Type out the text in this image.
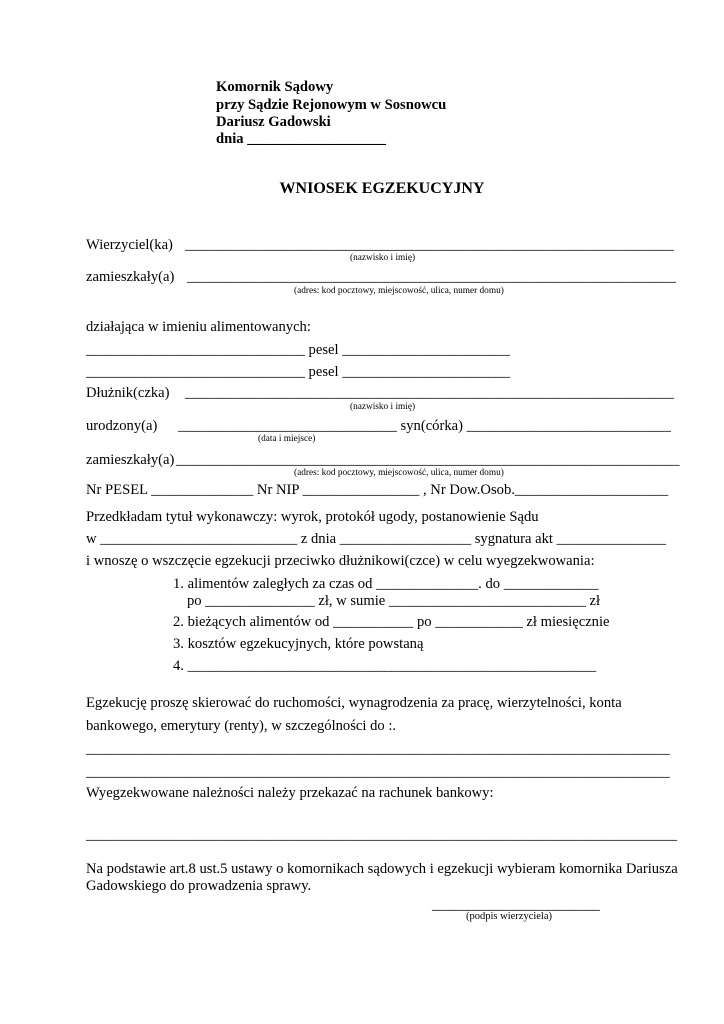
Komornik Sądowy
przy Sądzie Rejonowym w Sosnowcu
Dariusz Gadowski
dnia ___________________
WNIOSEK EGZEKUCYJNY
Wierzyciel(ka) ___________________________________________________________________
(nazwisko i imię)
zamieszkały(a) ___________________________________________________________________
(adres: kod pocztowy, miejscowość, ulica, numer domu)
działająca w imieniu alimentowanych:
______________________________ pesel _______________________
______________________________ pesel _______________________
Dłużnik(czka) ___________________________________________________________________
(nazwisko i imię)
urodzony(a) ______________________________ syn(córka) ____________________________
(data i miejsce)
zamieszkały(a) _____________________________________________________________________
(adres: kod pocztowy, miejscowość, ulica, numer domu)
Nr PESEL ______________ Nr NIP ________________ , Nr Dow.Osob._____________________
Przedkładam tytuł wykonawczy: wyrok, protokół ugody, postanowienie Sądu
w ___________________________ z dnia __________________ sygnatura akt _______________
i wnoszę o wszczęcie egzekucji przeciwko dłużnikowi(czce) w celu wyegzekwowania:
1. alimentów zaległych za czas od ______________. do _____________
po _______________ zł, w sumie ___________________________ zł
2. bieżących alimentów od ___________ po ____________ zł miesięcznie
3. kosztów egzekucyjnych, które powstaną
4. ________________________________________________________
Egzekucję proszę skierować do ruchomości, wynagrodzenia za pracę, wierzytelności, konta
bankowego, emerytury (renty), w szczególności do :.
________________________________________________________________________________
________________________________________________________________________________
Wyegzekwowane należności należy przekazać na rachunek bankowy:
_________________________________________________________________________________
Na podstawie art.8 ust.5 ustawy o komornikach sądowych i egzekucji wybieram komornika Dariusza
Gadowskiego do prowadzenia sprawy.
_______________________
(podpis wierzyciela)
